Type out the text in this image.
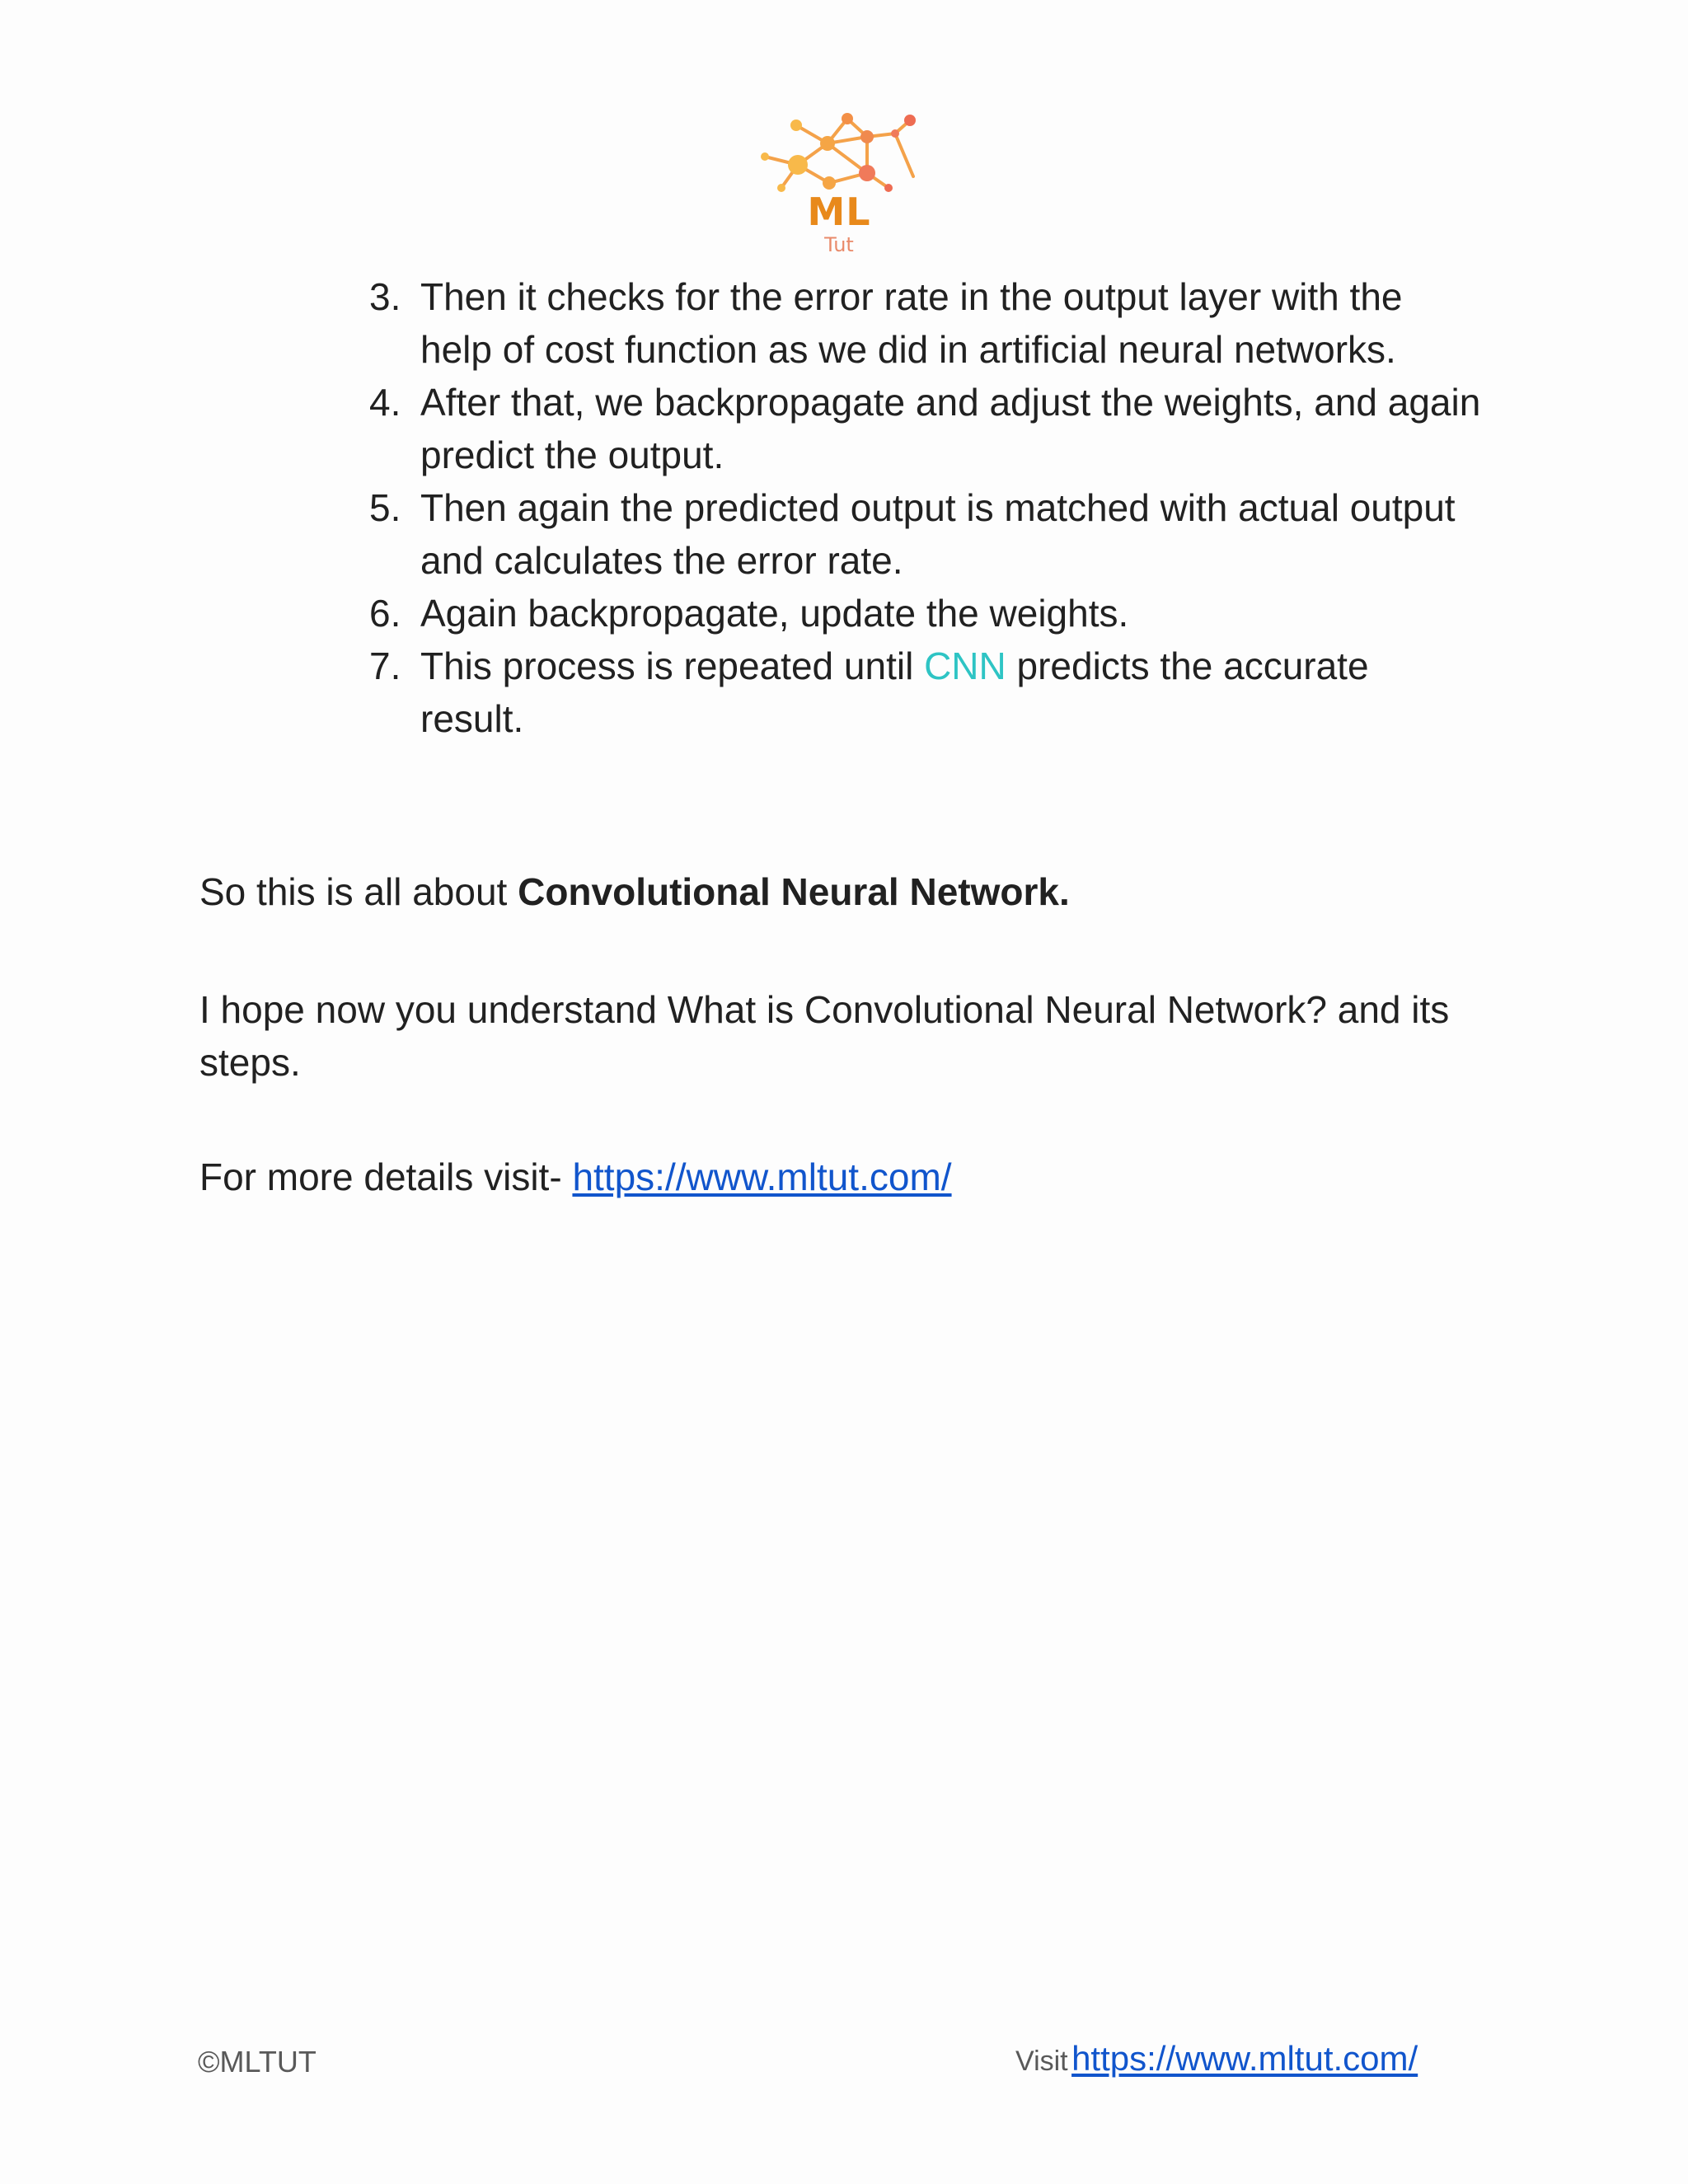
ML
Tut
3. Then it checks for the error rate in the output layer with the help of cost function as we did in artificial neural networks.
4. After that, we backpropagate and adjust the weights, and again predict the output.
5. Then again the predicted output is matched with actual output and calculates the error rate.
6. Again backpropagate, update the weights.
7. This process is repeated until CNN predicts the accurate result.

So this is all about Convolutional Neural Network.

I hope now you understand What is Convolutional Neural Network? and its steps.

For more details visit- https://www.mltut.com/

©MLTUT	Visit https://www.mltut.com/
